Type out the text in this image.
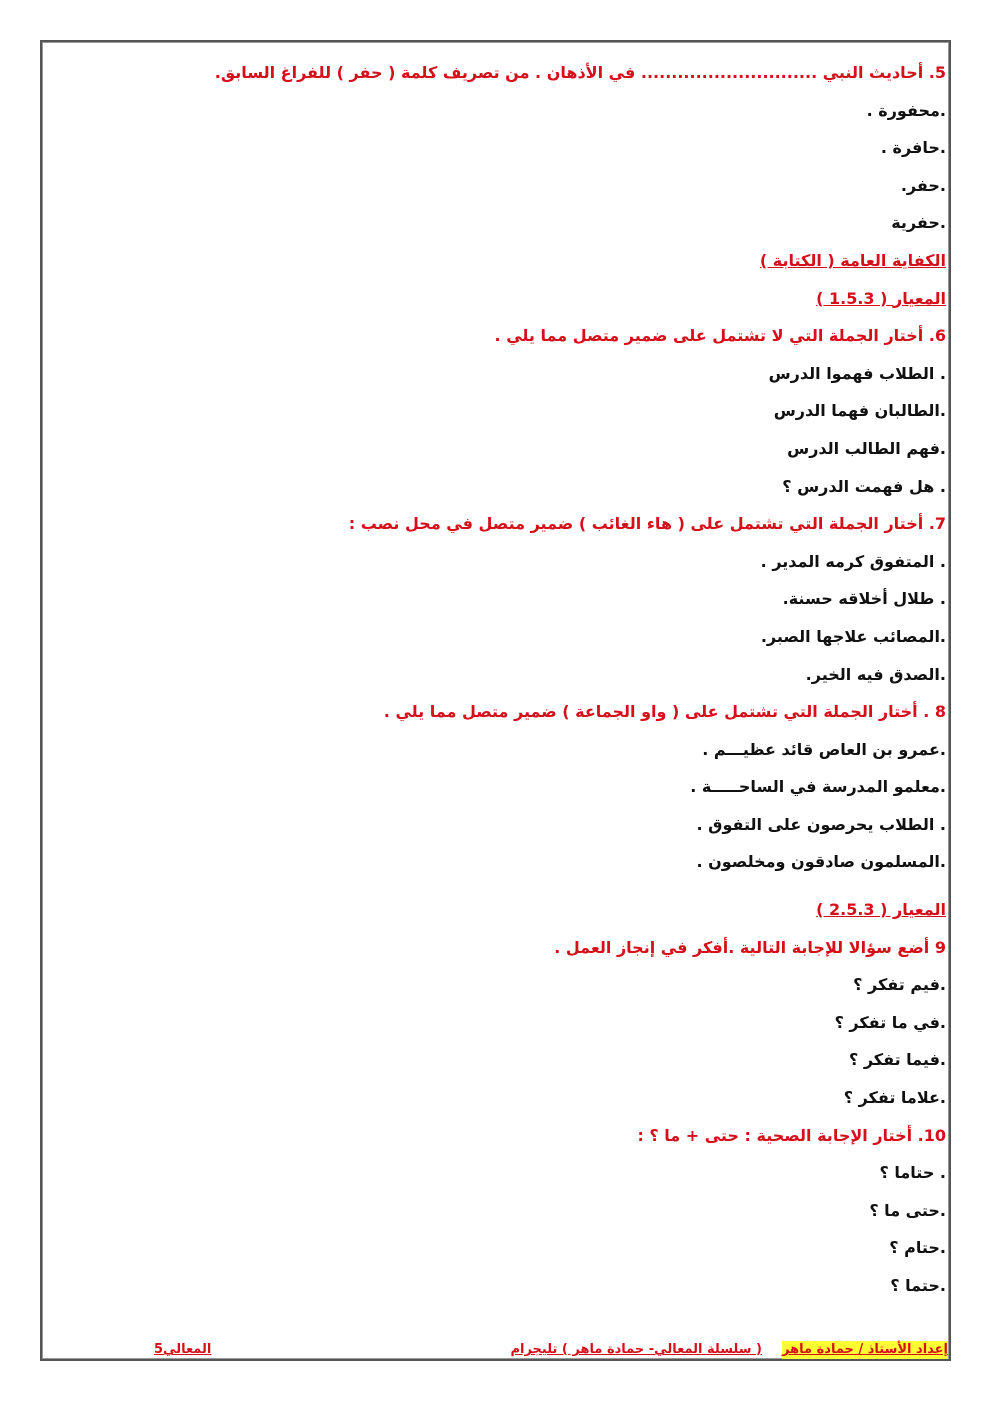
5. أحاديث النبي ............................. في الأذهان . من تصريف كلمة ( حفر ) للفراغ السابق.
.محفورة .
.حافرة .
.حفر.
.حفرية
الكفاية العامة ( الكتابة )
المعيار ( 1.5.3 )
6. أختار الجملة التي لا تشتمل على ضمير متصل مما يلي .
. الطلاب فهموا الدرس
.الطالبان فهما الدرس
.فهم الطالب الدرس
. هل فهمت الدرس ؟
7. أختار الجملة التي تشتمل على ( هاء الغائب ) ضمير متصل في محل نصب :
. المتفوق كرمه المدير .
. طلال أخلاقه حسنة.
.المصائب علاجها الصبر.
.الصدق فيه الخير.
8 . أختار الجملة التي تشتمل على ( واو الجماعة ) ضمير متصل مما يلي .
.عمرو بن العاص قائد عظيـــم .
.معلمو المدرسة في الساحـــــة .
. الطلاب يحرصون على التفوق .
.المسلمون صادقون ومخلصون .
المعيار ( 2.5.3 )
9 أضع سؤالا للإجابة التالية .أفكر في إنجاز العمل .
.فيم تفكر ؟
.في ما تفكر ؟
.فيما تفكر ؟
.علاما تفكر ؟
10. أختار الإجابة الصحية : حتى + ما ؟ :
. حتاما ؟
.حتى ما ؟
.حتام ؟
.حتما ؟
إعداد الأستاذ / حمادة ماهر
( سلسلة المعالي- حمادة ماهر ) تليجرام
المعالي5
